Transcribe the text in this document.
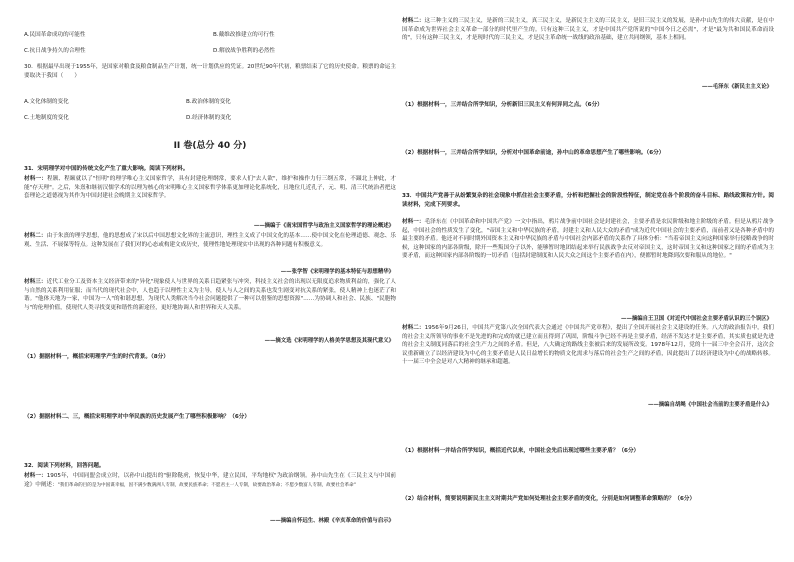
A.民国革命成功的可能性	B.戴维改推建立的可行性
C.抗日战争持久的合理性	D.解放战争胜利的必然性
30．根据最早出现于1955年，是国家对粮食及粮食制品生产计划，统一计划供应的凭证。20世纪90年代初，粮票结束了它的历史使命。粮票的命运主要取决于我国（　　）
A.文化体制的变化	B.政治体制的变化
C.土地制度的变化	D.经济体制的变化
II 卷(总分 40 分)
31．宋明理学对中国的传统文化产生了重大影响。阅读下列材料。
材料一：程颢、程颐就以了"恒明"的理学唯心主义国家哲学，具有封建伦理纲常，要求人们"去人欲"，维护和操作力行三纲五常，不蹑北上伸此，才能"存天理"。之后，朱熹和继初汉儒学术的以理为核心的宋明唯心主义国家哲学体系更加理论化系统化，且地位几近孔子，元、明、清三代统治者把这套理论之道德视为其作为中国封建社会晚期主义国家哲学。
——摘编于《南宋国哲学与政治主义国家哲学的理论概述》
材料二：由于朱熹的理学思想，他的思想成了宋以后中国思想文化界的主流意识，理性主义成了中国文化的基本……使中国文化在伦理道德、观念、乐观、生活、不展保等特点。这种发展在了我们对的心态或构建文成历史，使理性地处理现实中出现的各种问题有积极意义。
——张学智《宋明理学的基本特征与思想精华》
材料三：近代工业分工及资本主义经济带来的"异化"现象使人与世界的关系日趋紧张与冲突，科技主义社会的出现以无限度追求物质利益的，强化了人与自然的关系利用征服；而当代的现代社会中，人也趋于以理性主义为主导，使人与人之间的关系也发生剧变对抗关系的紧张，使人精神上也迷茫了和谐。"他体天地为一家，中国为一人"的和谐思想，为现代人类解决当今社会问题提供了一种可以借鉴的思想资源"……为协调人和社会、民族、"民胞物与"的伦理价值，使现代人类寻找变更和谐性的新途径，更好地协调人和世界和天人关系。
——摘文选《宋明理学的人格美学思想及其现代意义》
（1）据据材料一，概括宋明理学产生的时代背景。（8分）
（2）据据材料二、三，概括宋明理学对中华民族的历史发展产生了哪些积极影响？（6分）
32．阅读下列材料，回答问题。
材料一：1905年，中国同盟会成立时，以孙中山提出的"驱除鞑虏，恢复中华，建立民国，平均地权"为政治纲领。孙中山先生在《三民主义与中国前途》中阐述："我们革命的目的是为中国谋幸福，因不满少数满洲人专制，故要民族革命；不愿君主一人专制，故要政治革命；不愿少数富人专制，故要社会革命"
——摘编自怀远生、林殿《辛亥革命的价值与启示》
材料二：这三种主义的三民主义，是新的三民主义，真三民主义，是新民主主义的三民主义，是旧三民主义的发展，是孙中山先生的伟大贡献，是在中国革命成为世界社会主义革命一部分的时代里产生的。只有这种三民主义，才是中国共产党所说的"中国今日之必需"，才是"最为共和国民革命而设的"，只有这种三民主义，才是现时代的三民主义，才是民主革命统一战线的政治基础，建立共同纲领，基本上相同。
——毛泽东《新民主主义论》
（1）根据材料一，三并结合所学知识，分析新旧三民主义有何异同之点。（6分）
（2）根据材料一，三并结合所学知识，分析对中国革命前途，孙中山的革命思想产生了哪些影响。（6分）
33．中国共产党善于从纷繁复杂的社会现象中抓住社会主要矛盾，分析和把握社会的阶段性特征，制定党在各个阶段的奋斗目标、路线政策和方针。阅读材料，完成下列要求。
材料一：毛泽东在《中国革命和中国共产党》一文中指出，鸦片战争前中国社会是封建社会，主要矛盾是农民阶级和地主阶级的矛盾。但是从鸦片战争起，中国社会的性质发生了变化，"帝国主义和中华民族的矛盾，封建主义和人民大众的矛盾"成为近代中国社会的主要矛盾，而前者又是各种矛盾中的最主要的矛盾。他还对不同时期外国资本主义和中华民族的矛盾与中国社会内部矛盾的关系作了具体分析："当着帝国主义向这种国家举行侵略战争的时候，这种国家的内部各阶级，除开一些叛国分子以外，能够暂时地团结起来举行民族战争去反对帝国主义，这时帝国主义和这种国家之间的矛盾成为主要矛盾，而这种国家内部各阶级的一切矛盾（包括封建制度和人民大众之间这个主要矛盾在内），便都暂时地降到次要和服从的地位。"
——摘编自王卫国《对近代中国社会主要矛盾认识的三个误区》
材料二：1956年9月26日，中国共产党第八次全国代表大会通过《中国共产党章程》，提出了全国开展社会主义建设的任务。八大的政治报告中，我们的社会主义所领导的事业不是先进的和完成的就已建立而且得到了巩固，阶级斗争已经不再是主要矛盾，经济不发达才是主要矛盾，其实质也就是先进的社会主义制度同落后的社会生产力之间的矛盾。但是，八大确定的路线主张被后来的发展所改变。1978年12月，党的十一届三中全会召开，这次会议重新确立了以经济建设为中心的主要矛盾是人民日益增长的物质文化需求与落后的社会生产之间的矛盾，因此提出了以经济建设为中心的战略转移。十一届三中全会是对八大精神的继承和超越。
——摘编自胡绳《中国社会当前的主要矛盾是什么》
（1）根据材料一并结合所学知识，概括近代以来，中国社会先后出现过哪些主要矛盾？（6分）
（2）结合材料，简要说明新民主主义时期共产党如何处理社会主要矛盾的变化，分别是如何调整革命策略的？（6分）
